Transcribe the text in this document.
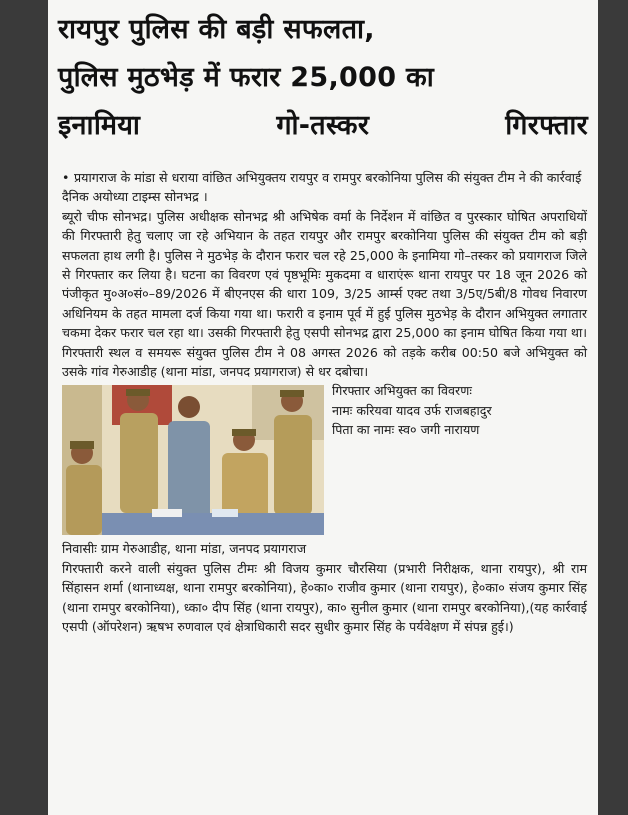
रायपुर पुलिस की बड़ी सफलता,
पुलिस मुठभेड़ में फरार 25,000 का
इनामिया	गो-तस्कर	गिरफ्तार

• प्रयागराज के मांडा से धराया वांछित अभियुक्तय रायपुर व रामपुर बरकोनिया पुलिस की संयुक्त टीम ने की कार्रवाई

दैनिक अयोध्या टाइम्स सोनभद्र ।

ब्यूरो चीफ सोनभद्र। पुलिस अधीक्षक सोनभद्र श्री अभिषेक वर्मा के निर्देशन में वांछित व पुरस्कार घोषित अपराधियों की गिरफ्तारी हेतु चलाए जा रहे अभियान के तहत रायपुर और रामपुर बरकोनिया पुलिस की संयुक्त टीम को बड़ी सफलता हाथ लगी है। पुलिस ने मुठभेड़ के दौरान फरार चल रहे 25,000 के इनामिया गो–तस्कर को प्रयागराज जिले से गिरफ्तार कर लिया है। घटना का विवरण एवं पृष्ठभूमिः मुकदमा व धाराएंरू थाना रायपुर पर 18 जून 2026 को पंजीकृत मु०अ०सं०–89/2026 में बीएनएस की धारा 109, 3/25 आर्म्स एक्ट तथा 3/5ए/5बी/8 गोवध निवारण अधिनियम के तहत मामला दर्ज किया गया था। फरारी व इनाम पूर्व में हुई पुलिस मुठभेड़ के दौरान अभियुक्त लगातार चकमा देकर फरार चल रहा था। उसकी गिरफ्तारी हेतु एसपी सोनभद्र द्वारा 25,000 का इनाम घोषित किया गया था। गिरफ्तारी स्थल व समयरू संयुक्त पुलिस टीम ने 08 अगस्त 2026 को तड़के करीब 00:50 बजे अभियुक्त को उसके गांव गेरुआडीह (थाना मांडा, जनपद प्रयागराज) से धर दबोचा।

गिरफ्तार अभियुक्त का विवरणः

नामः करियवा यादव उर्फ राजबहादुर

पिता का नामः स्व० जगी नारायण

निवासीः ग्राम गेरुआडीह, थाना मांडा, जनपद प्रयागराज

गिरफ्तारी करने वाली संयुक्त पुलिस टीमः श्री विजय कुमार चौरसिया (प्रभारी निरीक्षक, थाना रायपुर), श्री राम सिंहासन शर्मा (थानाध्यक्ष, थाना रामपुर बरकोनिया), हे०का० राजीव कुमार (थाना रायपुर), हे०का० संजय कुमार सिंह (थाना रामपुर बरकोनिया), ध्का० दीप सिंह (थाना रायपुर), का० सुनील कुमार (थाना रामपुर बरकोनिया),(यह कार्रवाई एसपी (ऑपरेशन) ऋषभ रुणवाल एवं क्षेत्राधिकारी सदर सुधीर कुमार सिंह के पर्यवेक्षण में संपन्न हुई।)
